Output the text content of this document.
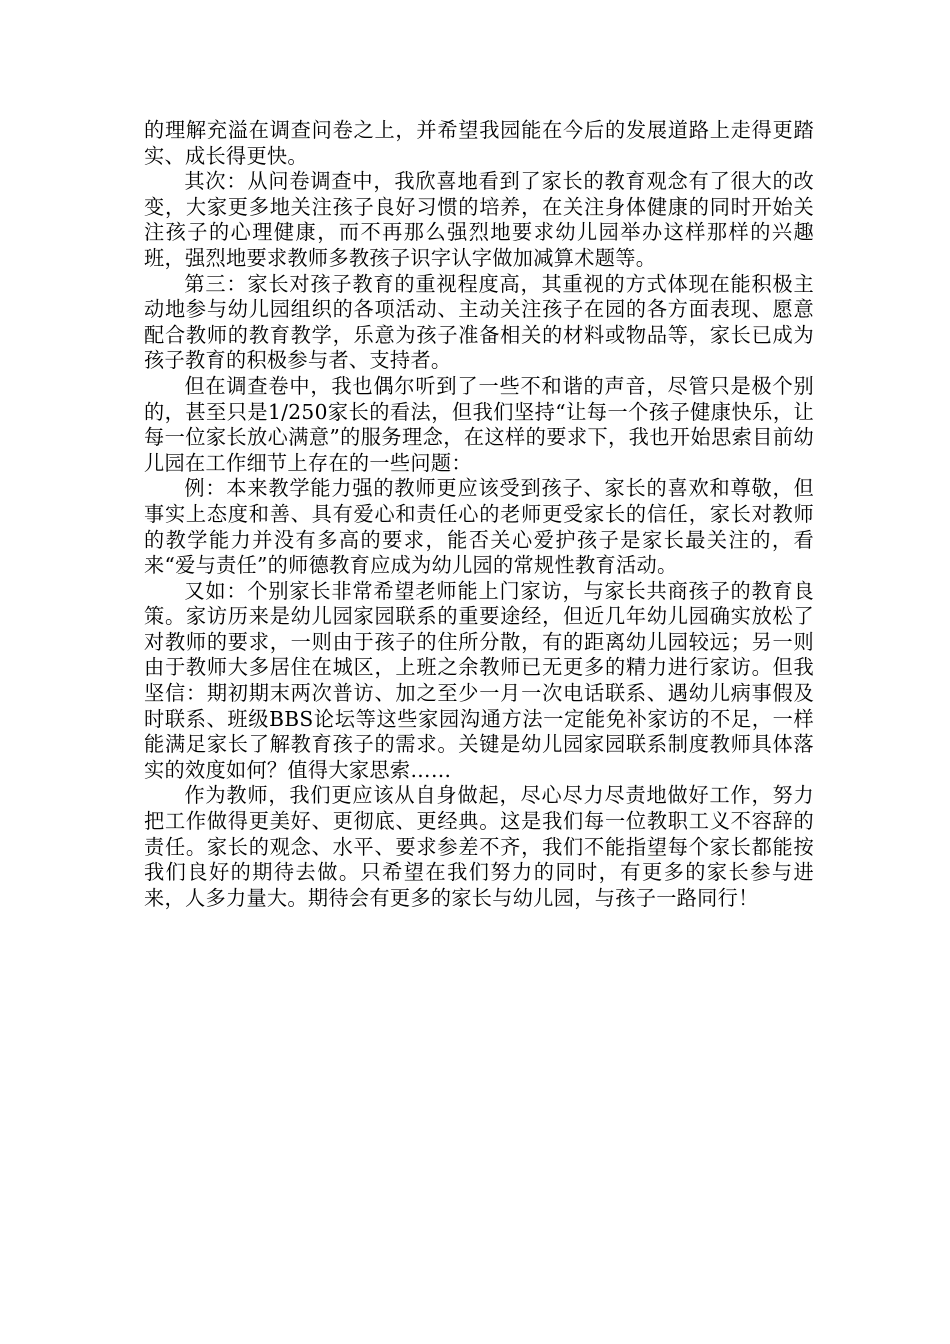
的理解充溢在调查问卷之上，并希望我园能在今后的发展道路上走得更踏实、成长得更快。

其次：从问卷调查中，我欣喜地看到了家长的教育观念有了很大的改变，大家更多地关注孩子良好习惯的培养，在关注身体健康的同时开始关注孩子的心理健康，而不再那么强烈地要求幼儿园举办这样那样的兴趣班，强烈地要求教师多教孩子识字认字做加减算术题等。

第三：家长对孩子教育的重视程度高，其重视的方式体现在能积极主动地参与幼儿园组织的各项活动、主动关注孩子在园的各方面表现、愿意配合教师的教育教学，乐意为孩子准备相关的材料或物品等，家长已成为孩子教育的积极参与者、支持者。

但在调查卷中，我也偶尔听到了一些不和谐的声音，尽管只是极个别的，甚至只是1/250家长的看法，但我们坚持“让每一个孩子健康快乐，让每一位家长放心满意”的服务理念，在这样的要求下，我也开始思索目前幼儿园在工作细节上存在的一些问题：

例：本来教学能力强的教师更应该受到孩子、家长的喜欢和尊敬，但事实上态度和善、具有爱心和责任心的老师更受家长的信任，家长对教师的教学能力并没有多高的要求，能否关心爱护孩子是家长最关注的，看来“爱与责任”的师德教育应成为幼儿园的常规性教育活动。

又如：个别家长非常希望老师能上门家访，与家长共商孩子的教育良策。家访历来是幼儿园家园联系的重要途经，但近几年幼儿园确实放松了对教师的要求，一则由于孩子的住所分散，有的距离幼儿园较远；另一则由于教师大多居住在城区，上班之余教师已无更多的精力进行家访。但我坚信：期初期末两次普访、加之至少一月一次电话联系、遇幼儿病事假及时联系、班级BBS论坛等这些家园沟通方法一定能免补家访的不足，一样能满足家长了解教育孩子的需求。关键是幼儿园家园联系制度教师具体落实的效度如何？值得大家思索……

作为教师，我们更应该从自身做起，尽心尽力尽责地做好工作，努力把工作做得更美好、更彻底、更经典。这是我们每一位教职工义不容辞的责任。家长的观念、水平、要求参差不齐，我们不能指望每个家长都能按我们良好的期待去做。只希望在我们努力的同时，有更多的家长参与进来，人多力量大。期待会有更多的家长与幼儿园，与孩子一路同行！
